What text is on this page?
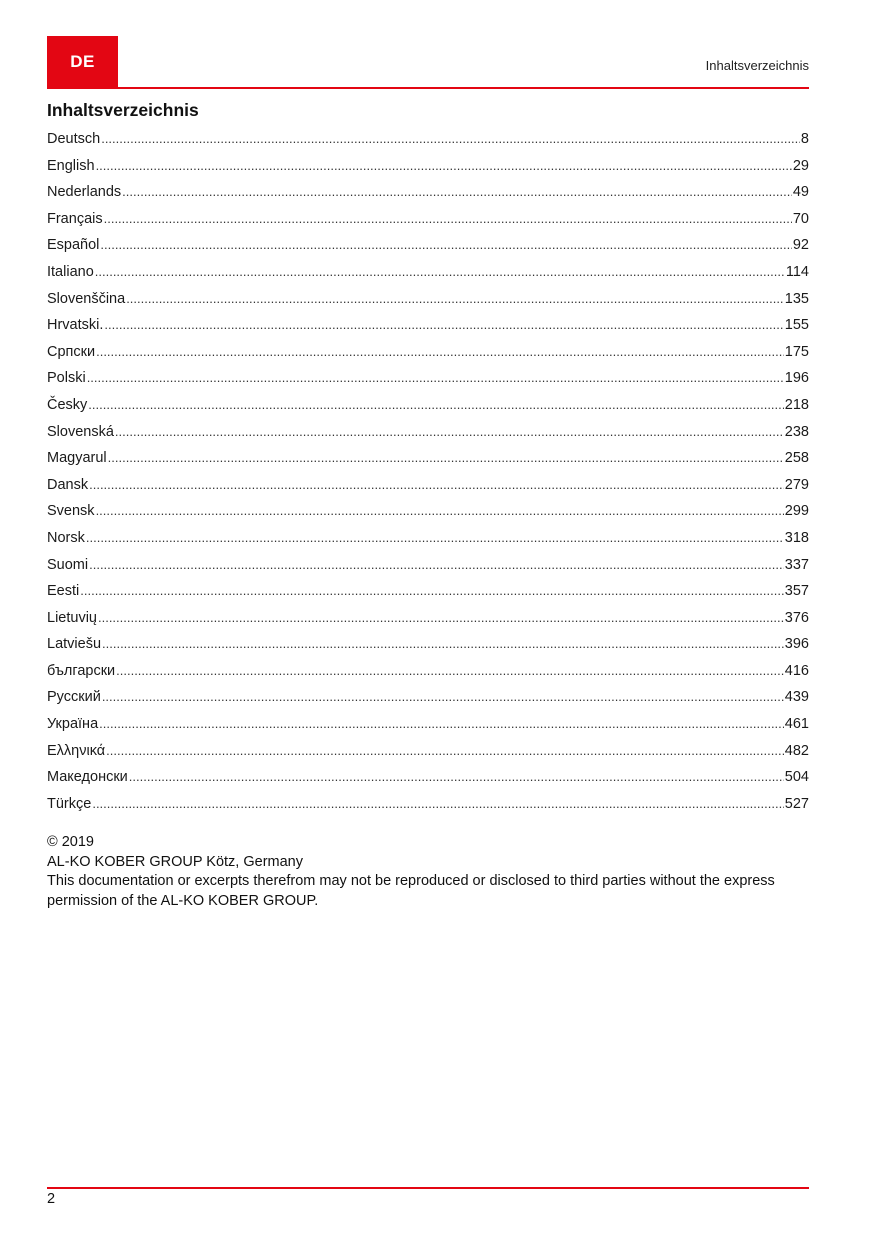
DE	Inhaltsverzeichnis
Inhaltsverzeichnis
Deutsch .....	8
English .....	29
Nederlands .....	49
Français .....	70
Español .....	92
Italiano .....	114
Slovenščina .....	135
Hrvatski. .....	155
Српски .....	175
Polski .....	196
Česky .....	218
Slovenská .....	238
Magyarul .....	258
Dansk .....	279
Svensk .....	299
Norsk .....	318
Suomi .....	337
Eesti .....	357
Lietuvių .....	376
Latviešu .....	396
български .....	416
Русский .....	439
Україна .....	461
Ελληνικά .....	482
Македонски .....	504
Türkçe .....	527

© 2019

AL-KO KOBER GROUP Kötz, Germany

This documentation or excerpts therefrom may not be reproduced or disclosed to third parties without the express permission of the AL-KO KOBER GROUP.

2
